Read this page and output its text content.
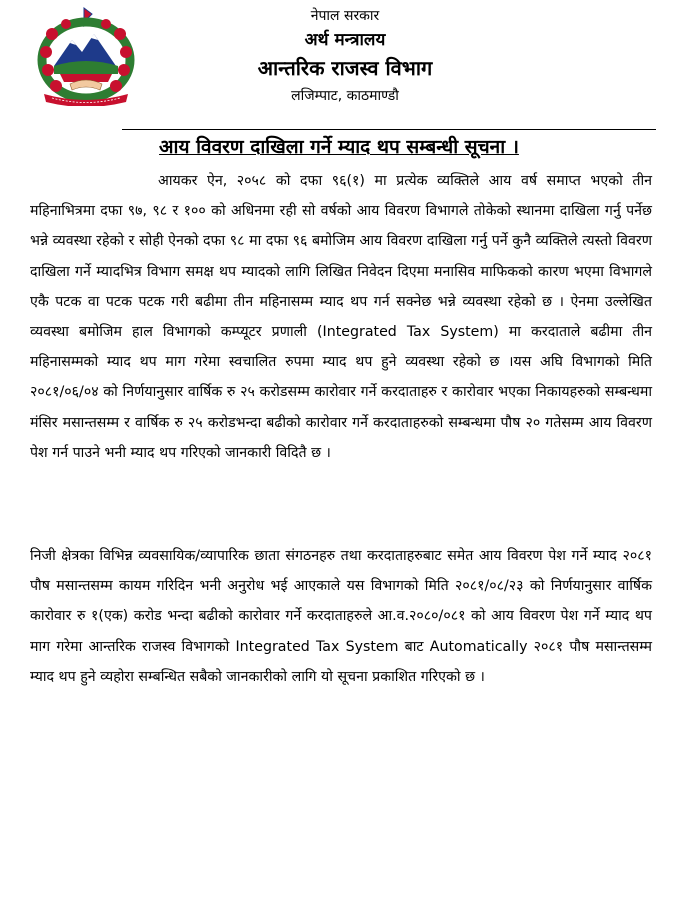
नेपाल सरकार
अर्थ मन्त्रालय
आन्तरिक राजस्व विभाग
लजिम्पाट, काठमाण्डौ
आय विवरण दाखिला गर्ने म्याद थप सम्बन्धी सूचना ।
आयकर ऐन, २०५८ को दफा ९६(१) मा प्रत्येक व्यक्तिले आय वर्ष समाप्त भएको तीन महिनाभित्रमा दफा ९७, ९८ र १०० को अधिनमा रही सो वर्षको आय विवरण विभागले तोकेको स्थानमा दाखिला गर्नु पर्नेछ भन्ने व्यवस्था रहेको र सोही ऐनको दफा ९८ मा दफा ९६ बमोजिम आय विवरण दाखिला गर्नु पर्ने कुनै व्यक्तिले त्यस्तो विवरण दाखिला गर्ने म्यादभित्र विभाग समक्ष थप म्यादको लागि लिखित निवेदन दिएमा मनासिव माफिकको कारण भएमा विभागले एकै पटक वा पटक पटक गरी बढीमा तीन महिनासम्म म्याद थप गर्न सक्नेछ भन्ने व्यवस्था रहेको छ । ऐनमा उल्लेखित व्यवस्था बमोजिम हाल विभागको कम्प्यूटर प्रणाली (Integrated Tax System) मा करदाताले बढीमा तीन महिनासम्मको म्याद थप माग गरेमा स्वचालित रुपमा म्याद थप हुने व्यवस्था रहेको छ ।यस अघि विभागको मिति २०८१/०६/०४ को निर्णयानुसार वार्षिक रु २५ करोडसम्म कारोवार गर्ने करदाताहरु र कारोवार भएका निकायहरुको सम्बन्धमा मंसिर मसान्तसम्म र वार्षिक रु २५ करोडभन्दा बढीको कारोवार गर्ने करदाताहरुको सम्बन्धमा पौष २० गतेसम्म आय विवरण पेश गर्न पाउने भनी म्याद थप गरिएको जानकारी विदितै छ ।
निजी क्षेत्रका विभिन्न व्यवसायिक/व्यापारिक छाता संगठनहरु तथा करदाताहरुबाट समेत आय विवरण पेश गर्ने म्याद २०८१ पौष मसान्तसम्म कायम गरिदिन भनी अनुरोध भई आएकाले यस विभागको मिति २०८१/०८/२३ को निर्णयानुसार वार्षिक कारोवार रु १(एक) करोड भन्दा बढीको कारोवार गर्ने करदाताहरुले आ.व.२०८०/०८१ को आय विवरण पेश गर्ने म्याद थप माग गरेमा आन्तरिक राजस्व विभागको Integrated Tax System बाट Automatically २०८१ पौष मसान्तसम्म म्याद थप हुने व्यहोरा सम्बन्धित सबैको जानकारीको लागि यो सूचना प्रकाशित गरिएको छ ।
